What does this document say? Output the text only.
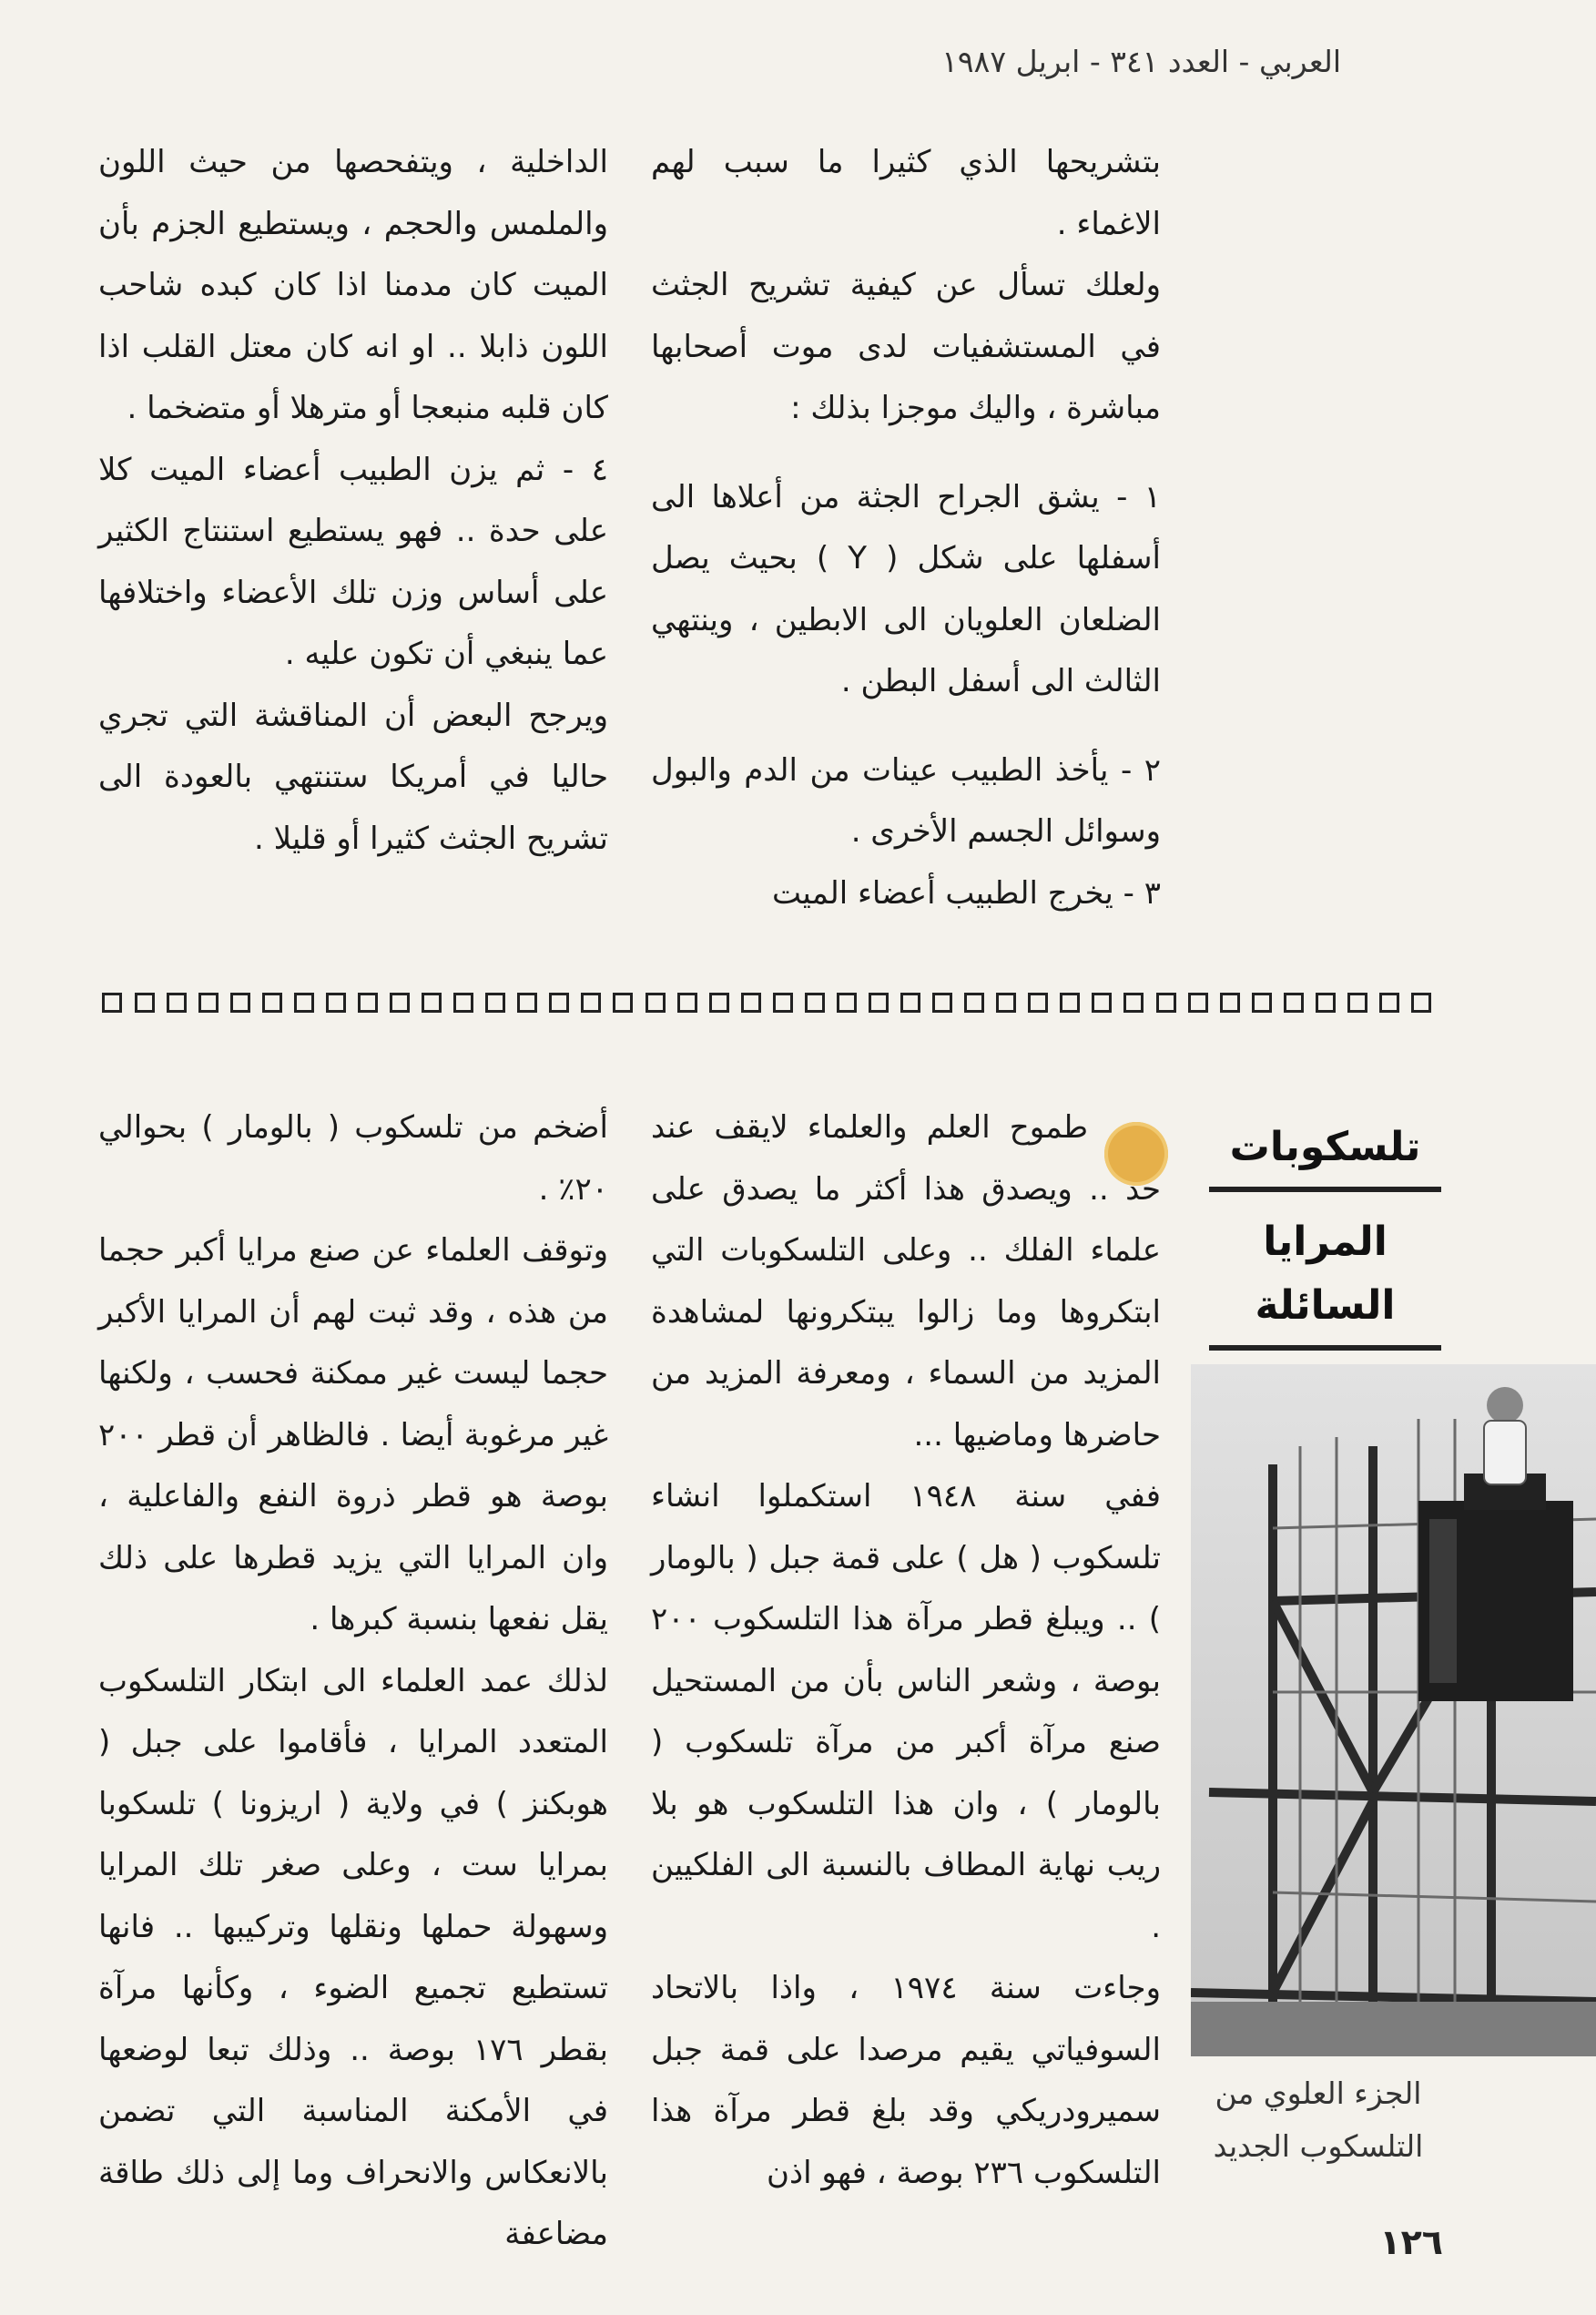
العربي - العدد ٣٤١ - ابريل ١٩٨٧

بتشريحها الذي كثيرا ما سبب لهم الاغماء .

ولعلك تسأل عن كيفية تشريح الجثث في المستشفيات لدى موت أصحابها مباشرة ، واليك موجزا بذلك :

١ - يشق الجراح الجثة من أعلاها الى أسفلها على شكل ( Y ) بحيث يصل الضلعان العلويان الى الابطين ، وينتهي الثالث الى أسفل البطن .

٢ - يأخذ الطبيب عينات من الدم والبول وسوائل الجسم الأخرى .

٣ - يخرج الطبيب أعضاء الميت

الداخلية ، ويتفحصها من حيث اللون والملمس والحجم ، ويستطيع الجزم بأن الميت كان مدمنا اذا كان كبده شاحب اللون ذابلا .. او انه كان معتل القلب اذا كان قلبه منبعجا أو مترهلا أو متضخما .

٤ - ثم يزن الطبيب أعضاء الميت كلا على حدة .. فهو يستطيع استنتاج الكثير على أساس وزن تلك الأعضاء واختلافها عما ينبغي أن تكون عليه .

ويرجح البعض أن المناقشة التي تجري حاليا في أمريكا ستنتهي بالعودة الى تشريح الجثث كثيرا أو قليلا .

تلسكوبات
المرايا السائلة
الجزء العلوي من التلسكوب الجديد

طموح العلم والعلماء لايقف عند حد .. ويصدق هذا أكثر ما يصدق على علماء الفلك .. وعلى التلسكوبات التي ابتكروها وما زالوا يبتكرونها لمشاهدة المزيد من السماء ، ومعرفة المزيد من حاضرها وماضيها ...

ففي سنة ١٩٤٨ استكملوا انشاء تلسكوب ( هل ) على قمة جبل ( بالومار ) .. ويبلغ قطر مرآة هذا التلسكوب ٢٠٠ بوصة ، وشعر الناس بأن من المستحيل صنع مرآة أكبر من مرآة تلسكوب ( بالومار ) ، وان هذا التلسكوب هو بلا ريب نهاية المطاف بالنسبة الى الفلكيين .

وجاءت سنة ١٩٧٤ ، واذا بالاتحاد السوفياتي يقيم مرصدا على قمة جبل سميرودريكي وقد بلغ قطر مرآة هذا التلسكوب ٢٣٦ بوصة ، فهو اذن

أضخم من تلسكوب ( بالومار ) بحوالي ٢٠٪ .

وتوقف العلماء عن صنع مرايا أكبر حجما من هذه ، وقد ثبت لهم أن المرايا الأكبر حجما ليست غير ممكنة فحسب ، ولكنها غير مرغوبة أيضا . فالظاهر أن قطر ٢٠٠ بوصة هو قطر ذروة النفع والفاعلية ، وان المرايا التي يزيد قطرها على ذلك يقل نفعها بنسبة كبرها .

لذلك عمد العلماء الى ابتكار التلسكوب المتعدد المرايا ، فأقاموا على جبل ( هوبكنز ) في ولاية ( اريزونا ) تلسكوبا بمرايا ست ، وعلى صغر تلك المرايا وسهولة حملها ونقلها وتركيبها .. فانها تستطيع تجميع الضوء ، وكأنها مرآة بقطر ١٧٦ بوصة .. وذلك تبعا لوضعها في الأمكنة المناسبة التي تضمن بالانعكاس والانحراف وما إلى ذلك طاقة مضاعفة	١٢٦
